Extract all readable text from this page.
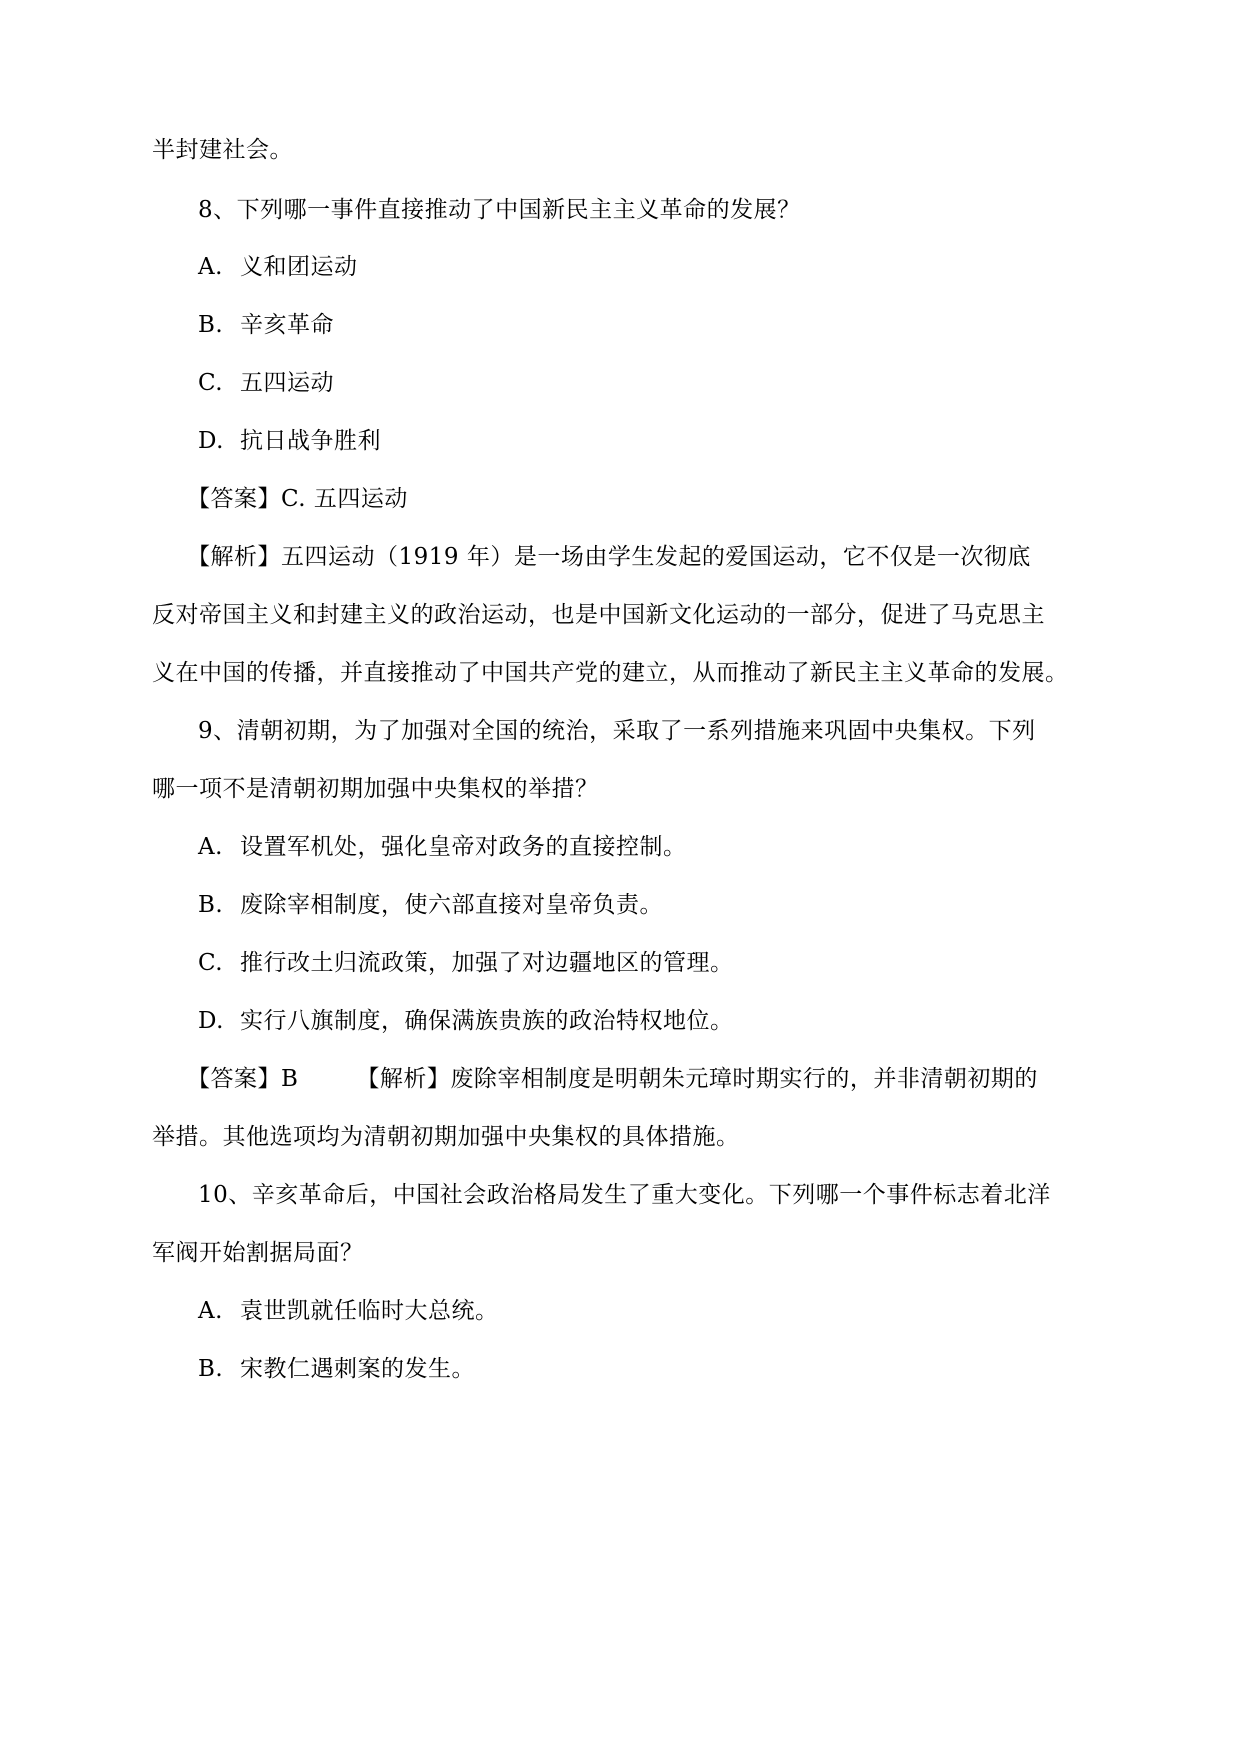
半封建社会。
8、下列哪一事件直接推动了中国新民主主义革命的发展？
A. 义和团运动
B. 辛亥革命
C. 五四运动
D. 抗日战争胜利
【答案】C. 五四运动
【解析】五四运动（1919 年）是一场由学生发起的爱国运动，它不仅是一次彻底
反对帝国主义和封建主义的政治运动，也是中国新文化运动的一部分，促进了马克思主
义在中国的传播，并直接推动了中国共产党的建立，从而推动了新民主主义革命的发展。
9、清朝初期，为了加强对全国的统治，采取了一系列措施来巩固中央集权。下列
哪一项不是清朝初期加强中央集权的举措？
A. 设置军机处，强化皇帝对政务的直接控制。
B. 废除宰相制度，使六部直接对皇帝负责。
C. 推行改土归流政策，加强了对边疆地区的管理。
D. 实行八旗制度，确保满族贵族的政治特权地位。
【答案】B	【解析】废除宰相制度是明朝朱元璋时期实行的，并非清朝初期的
举措。其他选项均为清朝初期加强中央集权的具体措施。
10、辛亥革命后，中国社会政治格局发生了重大变化。下列哪一个事件标志着北洋
军阀开始割据局面？
A. 袁世凯就任临时大总统。
B. 宋教仁遇刺案的发生。
